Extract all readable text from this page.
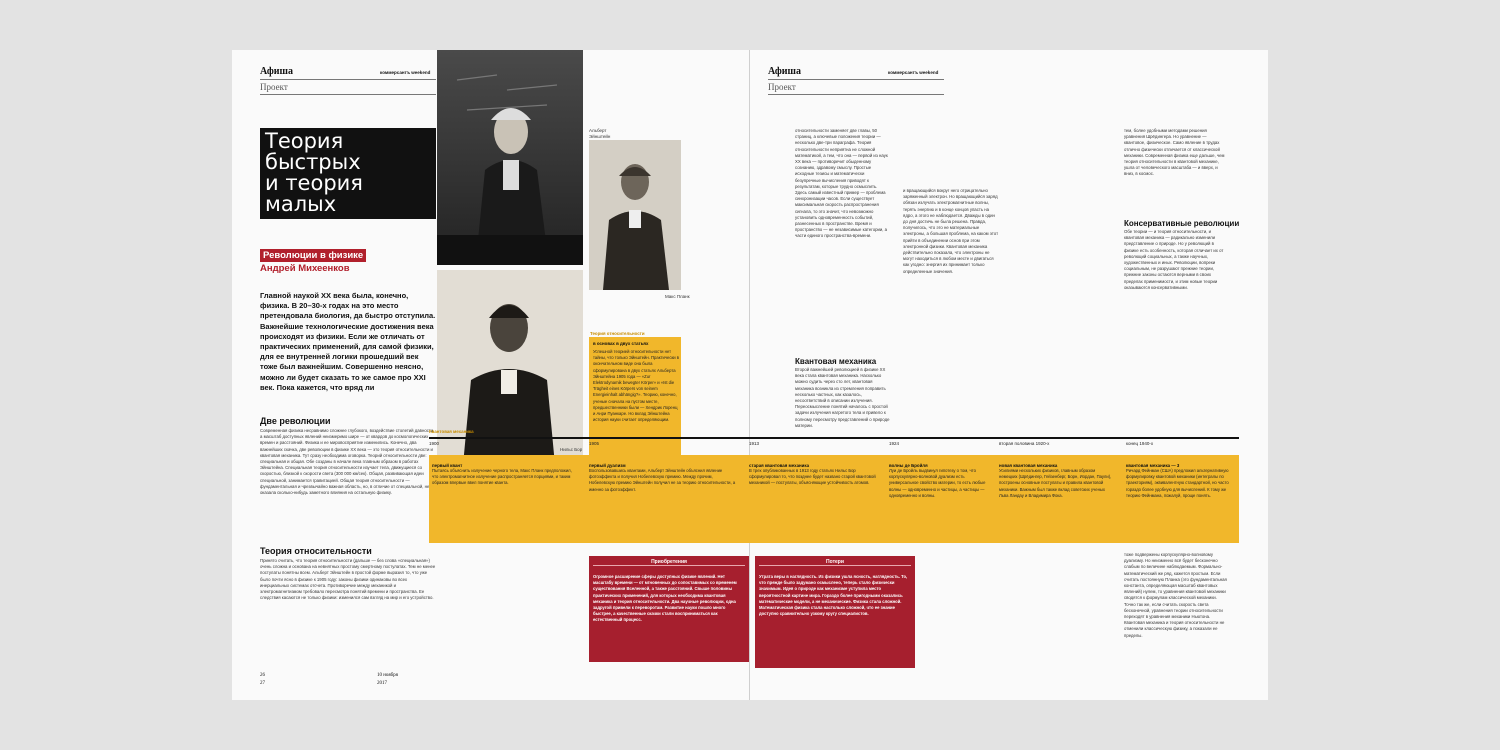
Афиша	коммерсантъ weekend
Проект
Афиша	коммерсантъ weekend
Проект
Теория
быстрых
и теория
малых
Революции в физике
Андрей Михеенков
Главной наукой XX века была, конечно, физика. В 20–30-х годах на это место претендовала биология, да быстро отступила. Важнейшие технологические достижения века происходят из физики. Если же отличать от практических применений, для самой физики, для ее внутренней логики прошедший век тоже был важнейшим. Совершенно неясно, можно ли будет сказать то же самое про XXI век. Пока кажется, что вряд ли
Две революции
Современная физика несравнимо сложнее глубокого, воздействие столетий давности, а масштаб доступных явлений неизмеримо шире — от квардов до космологических времен и расстояний. Физика и ее мировосприятие изменились. Конечно, два важнейших скачка, две революции в физике XX века — это теория относительности и квантовая механика. Тут сразу необходима оговорка. Теорий относительности две: специальная и общая. Обе созданы в начале века главным образом в работах Эйнштейна. Специальная теория относительности изучает тела, движущиеся со скоростью, близкой к скорости света (300 000 км/сек). Общая, развивающая идеи специальной, занимается гравитацией. Общая теория относительности — фундаментальная и чрезвычайно важная область, но, в отличие от специальной, не оказала сколько-нибудь заметного влияния на остальную физику.
Теория относительности
Принято считать, что теория относительности (дальше — без слова «специальная») очень сложна и основана на невнятных простому смертному постулатах. Тем не менее постулаты понятны всем. Альберт Эйнштейн в простой форме выразил то, что уже было почти ясно в физике к 1905 году: законы физики одинаковы во всех инерциальных системах отсчета. Противоречие между механикой и электромагнетизмом требовало пересмотра понятий времени и пространства. Ее следствия касаются не только физики: изменился сам взгляд на мир и его устройство.
Альберт Эйнштейн
Макс Планк
Нильс Бор
Теория относительности
в основах в двух статьях
Успешной теорией относительности нет тайны, что только Эйнштейн. Практически в окончательном виде она была сформулирована в двух статьях Альберта Эйнштейна 1905 года — «Zur Elektrodynamik bewegter Körper» и «Ist die Trägheit eines Körpers von seinem Energieinhalt abhängig?». Теорию, конечно, ученые сначала на пустом месте, предшественники были — Хендрик Лоренц и Анри Пуанкаре. Но вклад Эйнштейна история науки считает определяющим.
относительности заменяет две главы, 50 страниц, а ключевые положения теории — несколько две-три параграфа. Теория относительности неприятна не сложной математикой, а тем, что она — первой из наук XX века — противоречит обыденному сознанию, здравому смыслу. Простые исходные тезисы и математически безупречные вычисления приводят к результатам, которые трудно осмыслить. Здесь самый известный пример — проблема синхронизации часов. Если существует максимальная скорость распространения сигнала, то это значит, что невозможно установить одновременность событий, разнесенных в пространстве. Время и пространство — не независимые категории, а части единого пространства-времени.
Квантовая механика
Второй важнейшей революцией в физике XX века стала квантовая механика. Насколько можно судить через сто лет, квантовая механика возникла из стремления поправить несколько частных, как казалось, несоответствий в описании излучения. Переосмысление понятий началось с простой задачи излучения нагретого тела и привело к полному пересмотру представлений о природе материи.
и вращающийся вокруг него отрицательно заряженный электрон. Но вращающийся заряд обязан излучать электромагнитные волны, терять энергию и в конце концов упасть на ядро, а этого не наблюдается. Дважды в один до дня достичь не была решена. Правда, получилось, что это не материальные электроны, а большая проблема, на каком этот прийти в объединении основ при этом электронной физики. Квантовая механика действительно показала, что электроны не могут находиться в любом месте и двигаться как угодно: энергия их принимает только определенные значения.
тем, более удобными методами решения уравнения Шрёдингера. Но уравнение — квантовое, физическое. Само явление в трудах отлично физически отличается от классической механики. Современная физика еще дальше, чем теория относительности в квантовой механике, ушла от человеческого масштаба — и вверх, и вниз, в космос.
Консервативные революции
Обе теории — и теория относительности, и квантовая механика — радикально изменили представление о природе. Но у революций в физике есть особенность, которая отличает их от революций социальных, а также научных, художественных и иных. Революции, вопреки социальным, не разрушают прежние теории, прежние законы остаются верными в своих пределах применимости, и этим новые теории оказываются консервативными.
Квантовая механика
1900
первый квант
Пытаясь объяснить излучение черного тела, Макс Планк предположил, что электромагнитное излучение распространяется порциями, и таким образом впервые ввел понятие кванта.
1905
первый дуализм
Воспользовавшись квантами, Альберт Эйнштейн объяснил явление фотоэффекта и получил Нобелевскую премию. Между прочим, Нобелевскую премию Эйнштейн получил не за теорию относительности, а именно за фотоэффект.
1913
старая квантовая механика
В трех опубликованных в 1913 году статьях Нильс Бор сформулировал то, что позднее будет названо старой квантовой механикой — постулаты, объясняющие устойчивость атомов.
1924
волны де Бройля
Луи де Бройль выдвинул гипотезу о том, что корпускулярно-волновой дуализм есть универсальное свойство материи, то есть любые волны — одновременно и частицы, а частицы — одновременно и волны.
вторая половина 1920-х
новая квантовая механика
Усилиями нескольких физиков, главным образом немецких (Шрёдингер, Гейзенберг, Борн, Иордан, Паули), построены основные постулаты и правила квантовой механики. Важным был также вклад советских ученых Льва Ландау и Владимира Фока.
конец 1940-х
квантовая механика — 3
Ричард Фейнман (США) предложил альтернативную формулировку квантовой механики (интегралы по траекториям), эквивалентную стандартной, но часто гораздо более удобную для вычислений. К тому же теорию Фейнмана, пожалуй, проще понять.
Приобретения
Огромное расширение сферы доступных физике явлений. Нет масштабу времени — от мгновенных до сопоставимых со временем существования Вселенной, а также расстояний. Свыше половины практических применений, для которых необходима квантовая механика и теория относительности. Два научные революции, одна задругой привели к переворотам. Развитие науки пошло много быстрее, а качественные скачки стали восприниматься как естественный процесс.
Потери
Утрата веры в наглядность. Из физики ушла ясность, наглядность. То, что прежде было задумано осмыслено, теперь стало физически значимым. Идея о природе как механизме уступила место вероятностной картине мира. Гораздо более пригодными оказались математические модели, а не механические. Физика стала сложной. Математическая физика стала настолько сложной, что ее знание доступно сравнительно узкому кругу специалистов.
тоже подвержены корпускулярно-волновому дуализму. Но неизменно всё будет бесконечно слабым по величине наблюдаемым. Формально-математический же ряд, кажется простым. Если считать постоянную Планка (это фундаментальная константа, определяющая масштаб квантовых явлений) нулем, то уравнения квантовой механики сводятся к формулам классической механики. Точно так же, если считать скорость света бесконечной, уравнения теории относительности переходят в уравнения механики Ньютона. Квантовая механика и теория относительности не отменили классическую физику, а показали ее пределы.
26
27
10 ноября
2017
